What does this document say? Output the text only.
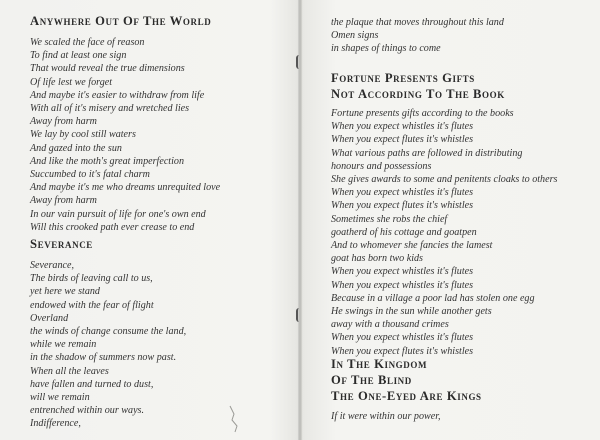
Anywhere Out Of The World
We scaled the face of reason
To find at least one sign
That would reveal the true dimensions
Of life lest we forget
And maybe it's easier to withdraw from life
With all of it's misery and wretched lies
Away from harm
We lay by cool still waters
And gazed into the sun
And like the moth's great imperfection
Succumbed to it's fatal charm
And maybe it's me who dreams unrequited love
Away from harm
In our vain pursuit of life for one's own end
Will this crooked path ever crease to end
Severance
Severance,
The birds of leaving call to us,
yet here we stand
endowed with the fear of flight
Overland
the winds of change consume the land,
while we remain
in the shadow of summers now past.
When all the leaves
have fallen and turned to dust,
will we remain
entrenched within our ways.
Indifference,
the plaque that moves throughout this land
Omen signs
in shapes of things to come
Fortune Presents Gifts
Not According To The Book
Fortune presents gifts according to the books
When you expect whistles it's flutes
When you expect flutes it's whistles
What various paths are followed in distributing
honours and possessions
She gives awards to some and penitents cloaks to others
When you expect whistles it's flutes
When you expect flutes it's whistles
Sometimes she robs the chief
goatherd of his cottage and goatpen
And to whomever she fancies the lamest
goat has born two kids
When you expect whistles it's flutes
When you expect whistles it's flutes
Because in a village a poor lad has stolen one egg
He swings in the sun while another gets
away with a thousand crimes
When you expect whistles it's flutes
When you expect flutes it's whistles
In The Kingdom
Of The Blind
The One-Eyed Are Kings
If it were within our power,
